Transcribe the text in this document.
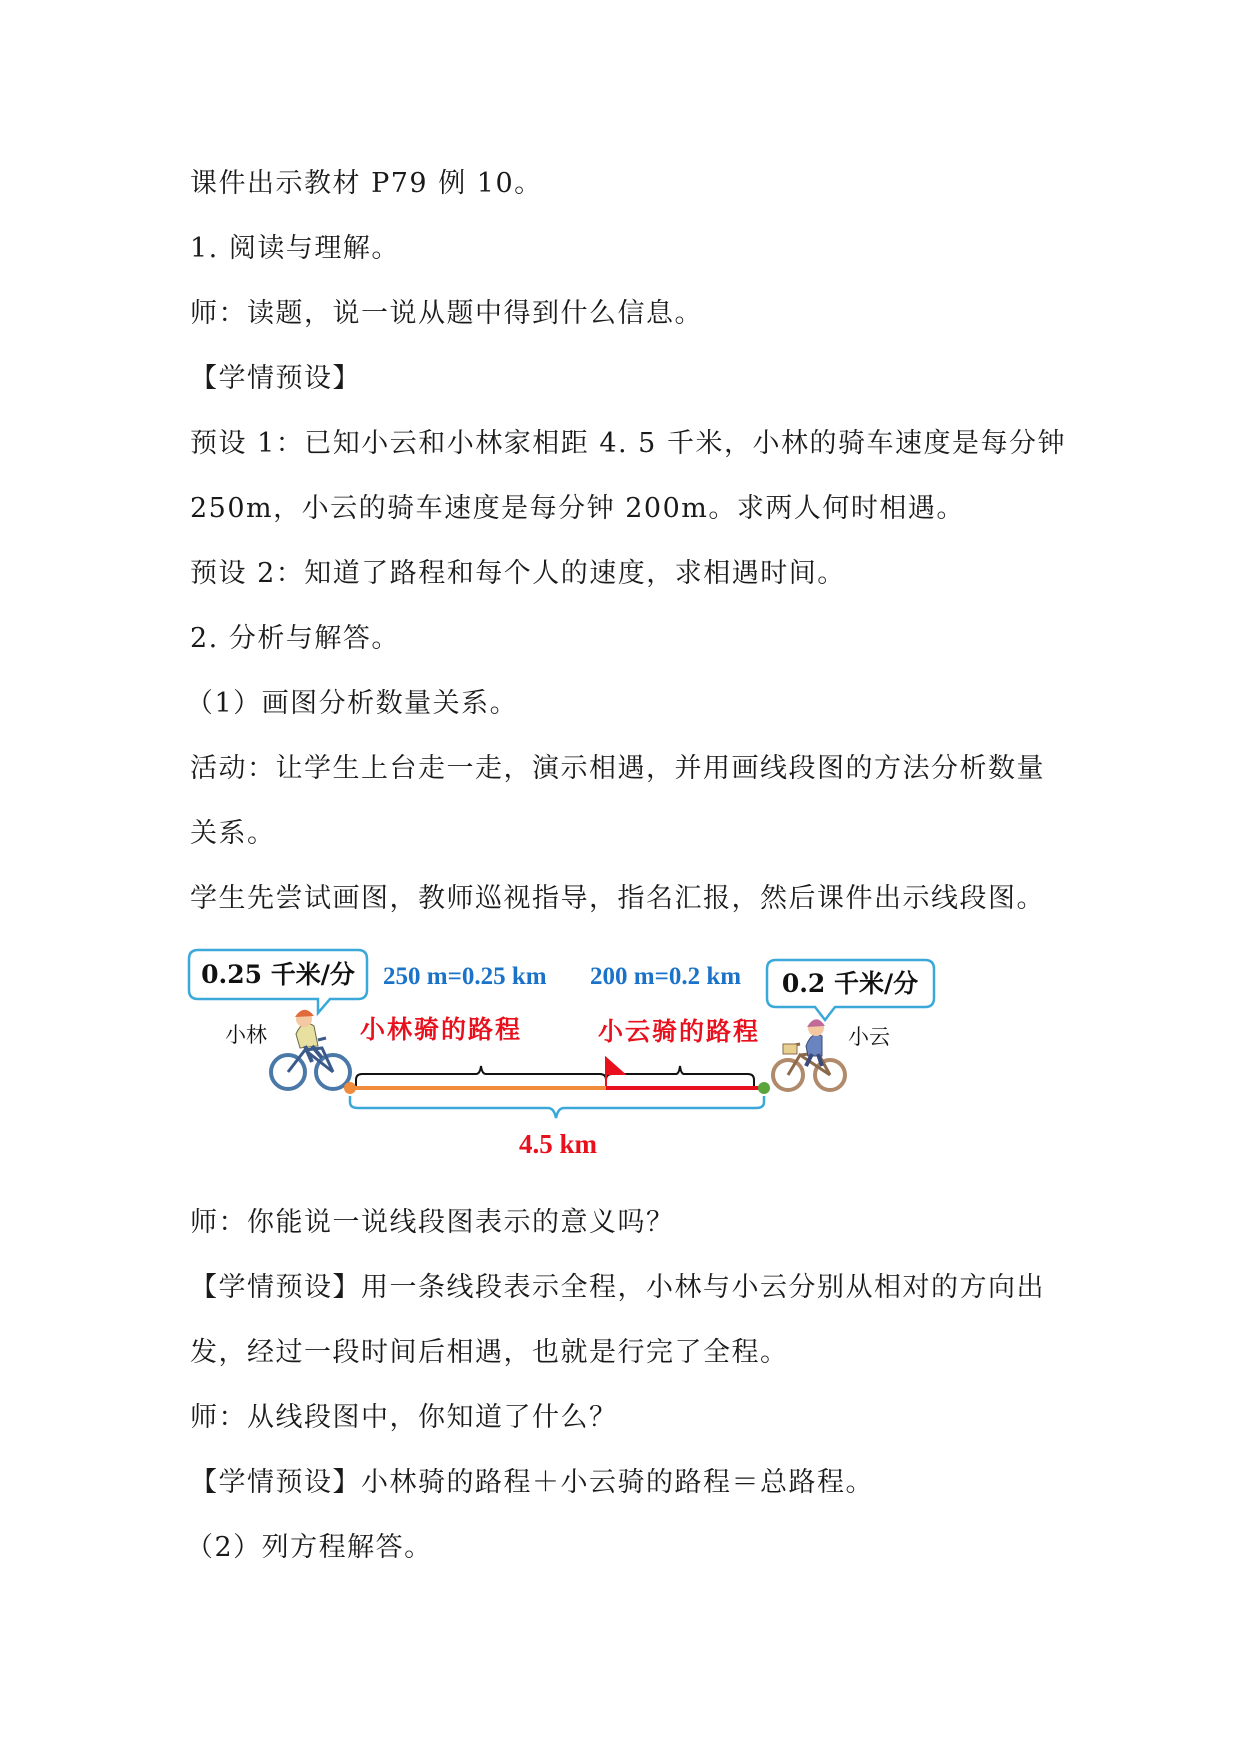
课件出示教材 P79 例 10。

1. 阅读与理解。

师：读题，说一说从题中得到什么信息。

【学情预设】

预设 1：已知小云和小林家相距 4. 5 千米，小林的骑车速度是每分钟

250m，小云的骑车速度是每分钟 200m。求两人何时相遇。

预设 2：知道了路程和每个人的速度，求相遇时间。

2. 分析与解答。

（1）画图分析数量关系。

活动：让学生上台走一走，演示相遇，并用画线段图的方法分析数量

关系。

学生先尝试画图，教师巡视指导，指名汇报，然后课件出示线段图。

0.25 千米/分	0.2 千米/分
250 m=0.25 km 200 m=0.2 km
小林	小云
小林骑的路程	小云骑的路程
4.5 km

师：你能说一说线段图表示的意义吗？

【学情预设】用一条线段表示全程，小林与小云分别从相对的方向出

发，经过一段时间后相遇，也就是行完了全程。

师：从线段图中，你知道了什么？

【学情预设】小林骑的路程＋小云骑的路程＝总路程。

（2）列方程解答。
